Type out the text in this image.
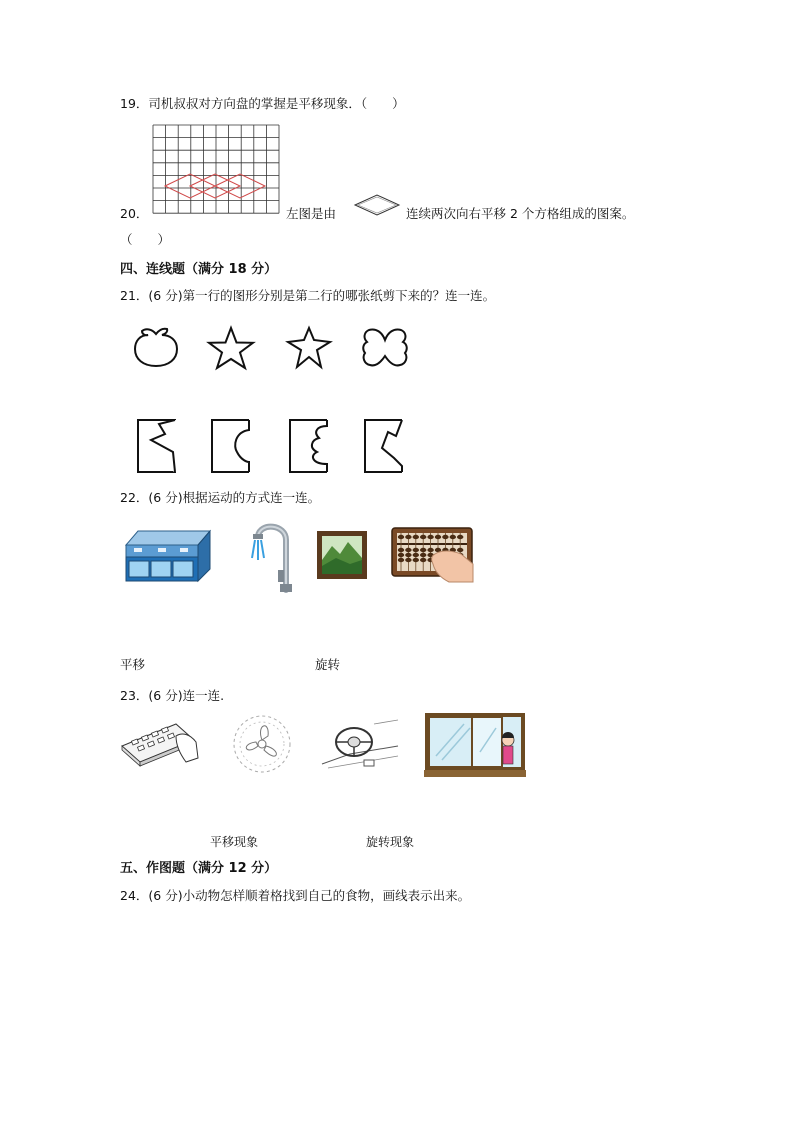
19．司机叔叔对方向盘的掌握是平移现象．（　　）
20．	左图是由	连续两次向右平移 2 个方格组成的图案。
（　　）
四、连线题（满分 18 分）
21．(6 分)第一行的图形分别是第二行的哪张纸剪下来的？连一连。
22．(6 分)根据运动的方式连一连。
平移	旋转
23．(6 分)连一连.
平移现象	旋转现象
五、作图题（满分 12 分）
24．(6 分)小动物怎样顺着格找到自己的食物，画线表示出来。
